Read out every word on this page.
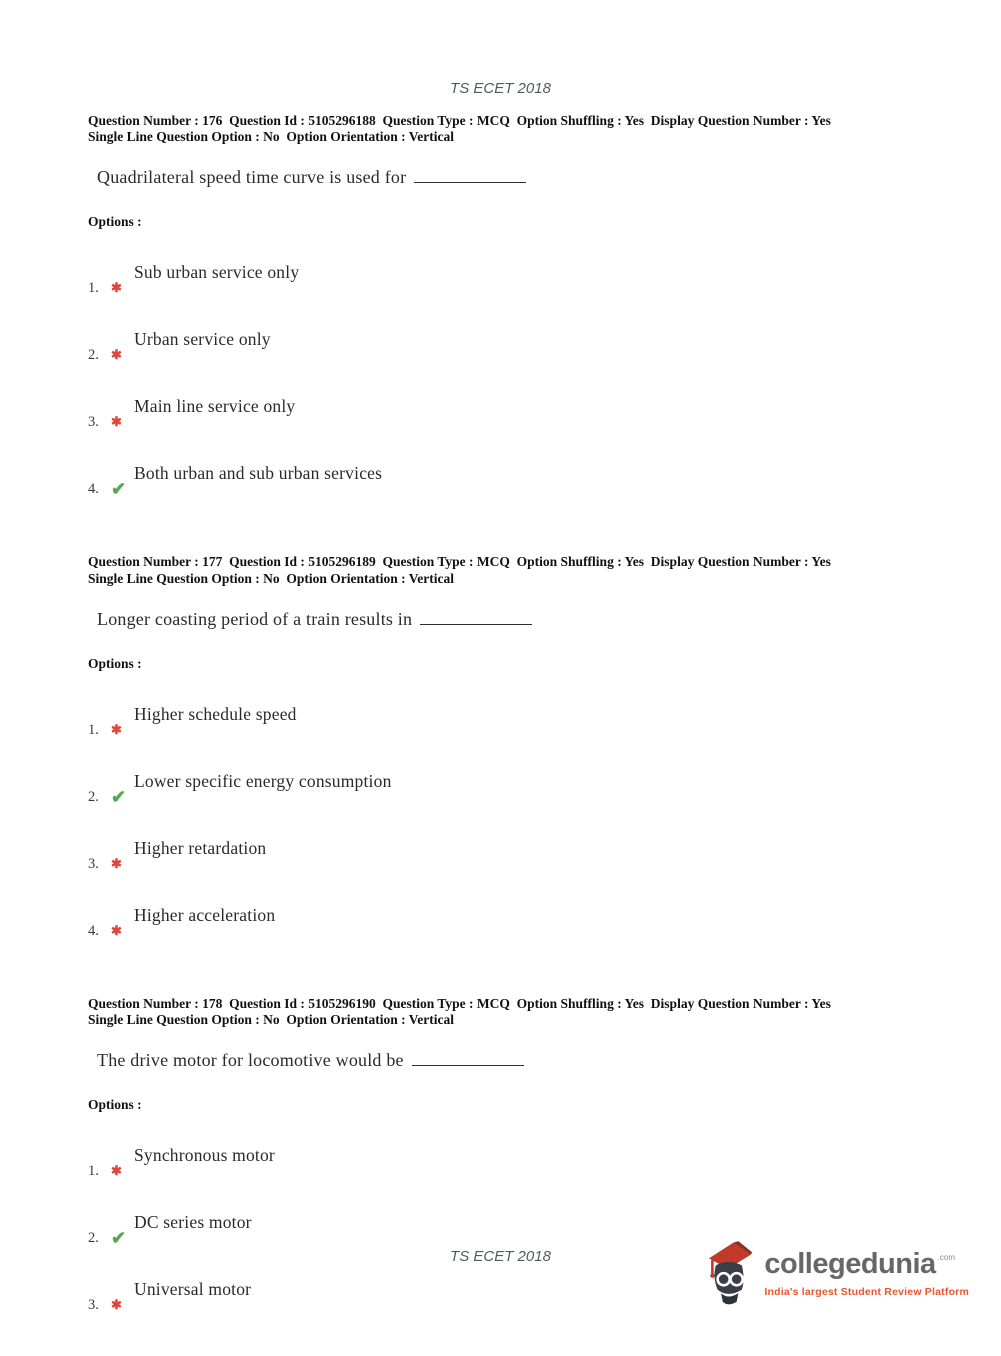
TS ECET 2018
Question Number : 176  Question Id : 5105296188  Question Type : MCQ  Option Shuffling : Yes  Display Question Number : Yes
Single Line Question Option : No  Option Orientation : Vertical
Quadrilateral speed time curve is used for
Options :
1. ✱
Sub urban service only
2. ✱
Urban service only
3. ✱
Main line service only
4. ✔
Both urban and sub urban services
Question Number : 177  Question Id : 5105296189  Question Type : MCQ  Option Shuffling : Yes  Display Question Number : Yes
Single Line Question Option : No  Option Orientation : Vertical
Longer coasting period of a train results in
Options :
1. ✱
Higher schedule speed
2. ✔
Lower specific energy consumption
3. ✱
Higher retardation
4. ✱
Higher acceleration
Question Number : 178  Question Id : 5105296190  Question Type : MCQ  Option Shuffling : Yes  Display Question Number : Yes
Single Line Question Option : No  Option Orientation : Vertical
The drive motor for locomotive would be
Options :
1. ✱
Synchronous motor
2. ✔
DC series motor
3. ✱
Universal motor
TS ECET 2018	collegedunia .com
India's largest Student Review Platform
